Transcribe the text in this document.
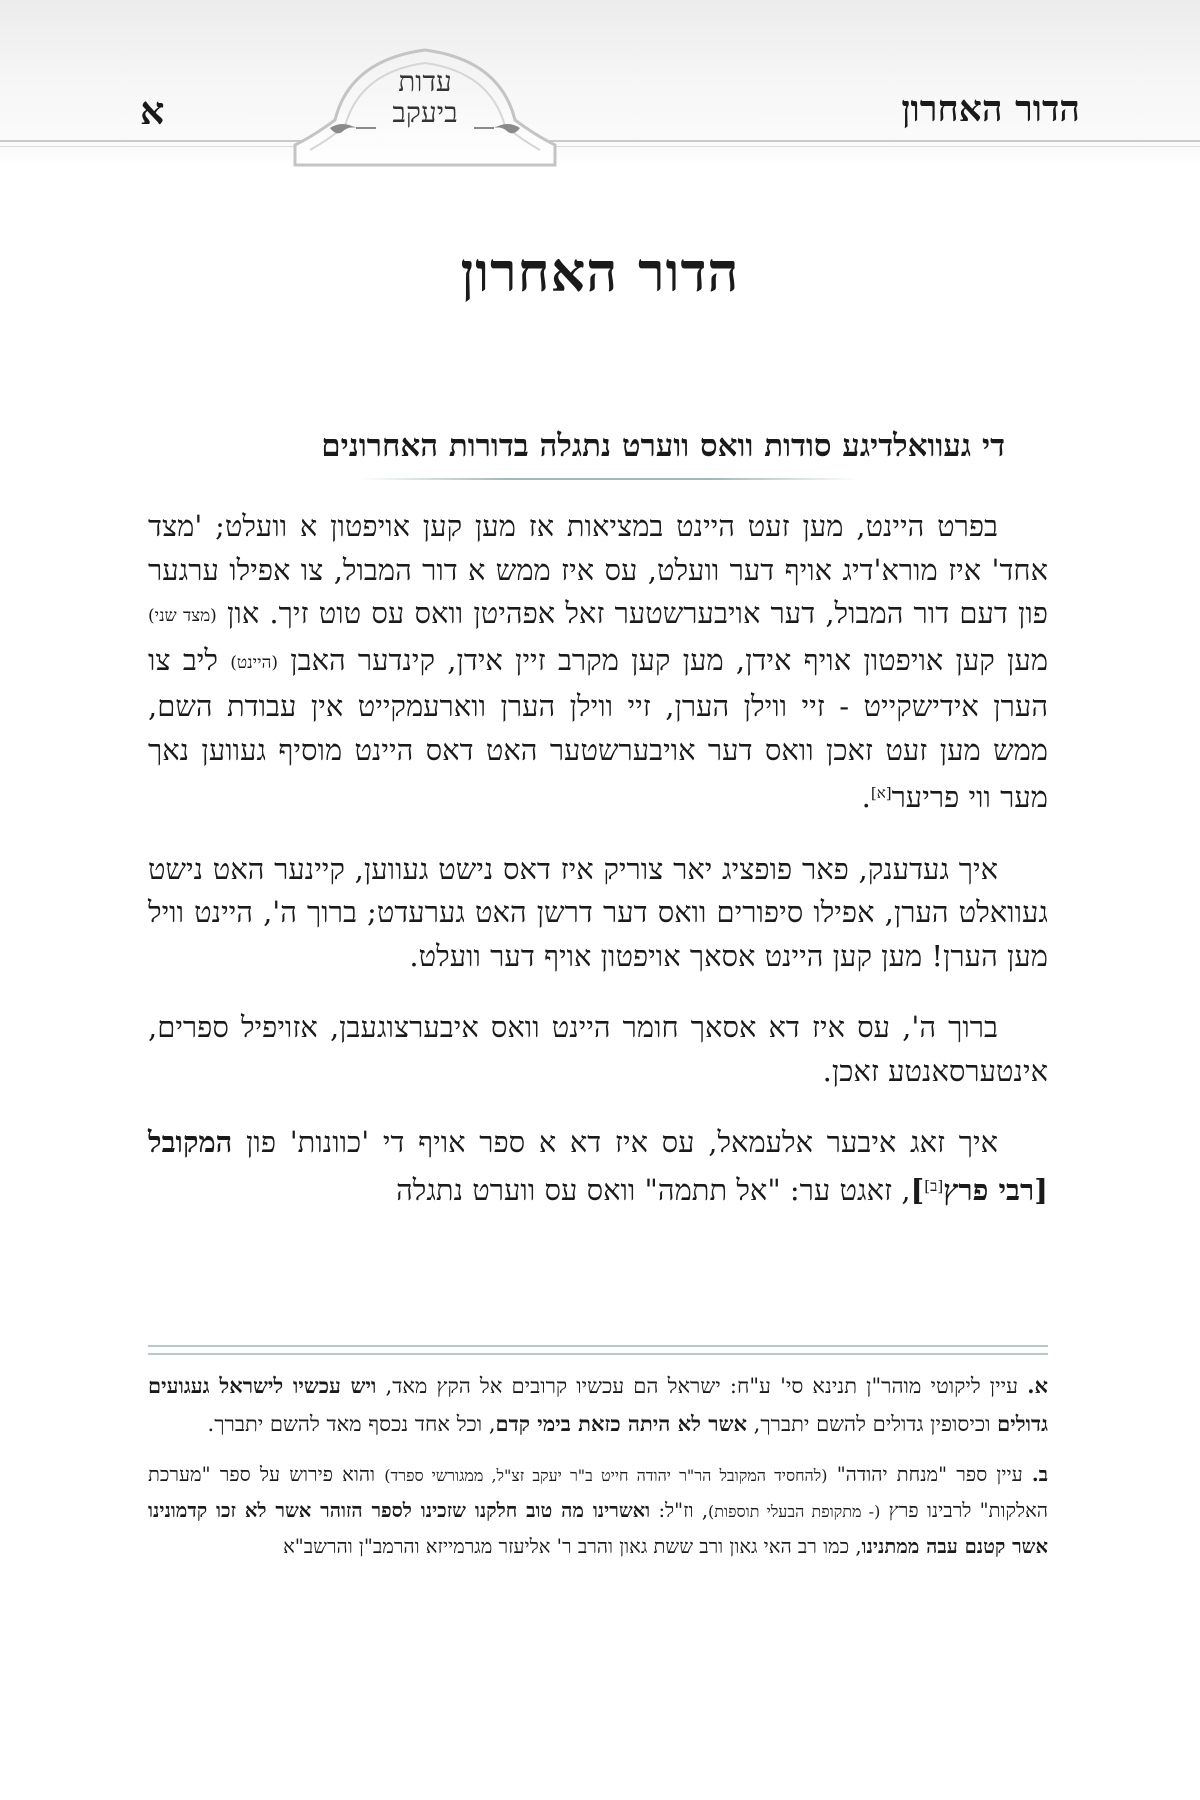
עדות
ביעקב	הדור האחרון
א
הדור האחרון
די געוואלדיגע סודות וואס ווערט נתגלה בדורות האחרונים

בפרט היינט, מען זעט היינט במציאות אז מען קען אויפטון א וועלט; 'מצד אחד' איז מורא'דיג אויף דער וועלט, עס איז ממש א דור המבול, צו אפילו ערגער פון דעם דור המבול, דער אויבערשטער זאל אפהיטן וואס עס טוט זיך. און (מצד שני) מען קען אויפטון אויף אידן, מען קען מקרב זיין אידן, קינדער האבן (היינט) ליב צו הערן אידישקייט - זיי ווילן הערן, זיי ווילן הערן ווארעמקייט אין עבודת השם, ממש מען זעט זאכן וואס דער אויבערשטער האט דאס היינט מוסיף געווען נאך מער ווי פריער[א].

איך געדענק, פאר פופציג יאר צוריק איז דאס נישט געווען, קיינער האט נישט געוואלט הערן, אפילו סיפורים וואס דער דרשן האט גערעדט; ברוך ה', היינט וויל מען הערן! מען קען היינט אסאך אויפטון אויף דער וועלט.

ברוך ה', עס איז דא אסאך חומר היינט וואס איבערצוגעבן, אזויפיל ספרים, אינטערסאנטע זאכן.

איך זאג איבער אלעמאל, עס איז דא א ספר אויף די 'כוונות' פון המקובל [רבי פרץ[ב]], זאגט ער: "אל תתמה" וואס עס ווערט נתגלה

א. עיין ליקוטי מוהר"ן תנינא סי' ע"ח: ישראל הם עכשיו קרובים אל הקץ מאד, ויש עכשיו לישראל געגועים גדולים וכיסופין גדולים להשם יתברך, אשר לא היתה כזאת בימי קדם, וכל אחד נכסף מאד להשם יתברך.

ב. עיין ספר "מנחת יהודה" (להחסיד המקובל הר"ר יהודה חייט ב"ר יעקב זצ"ל, ממגורשי ספרד) והוא פירוש על ספר "מערכת האלקות" לרבינו פרץ (- מתקופת הבעלי תוספות), וז"ל: ואשרינו מה טוב חלקנו שזכינו לספר הזוהר אשר לא זכו קדמונינו אשר קטנם עבה ממתנינו, כמו רב האי גאון ורב ששת גאון והרב ר' אליעזר מגרמייזא והרמב"ן והרשב"א
